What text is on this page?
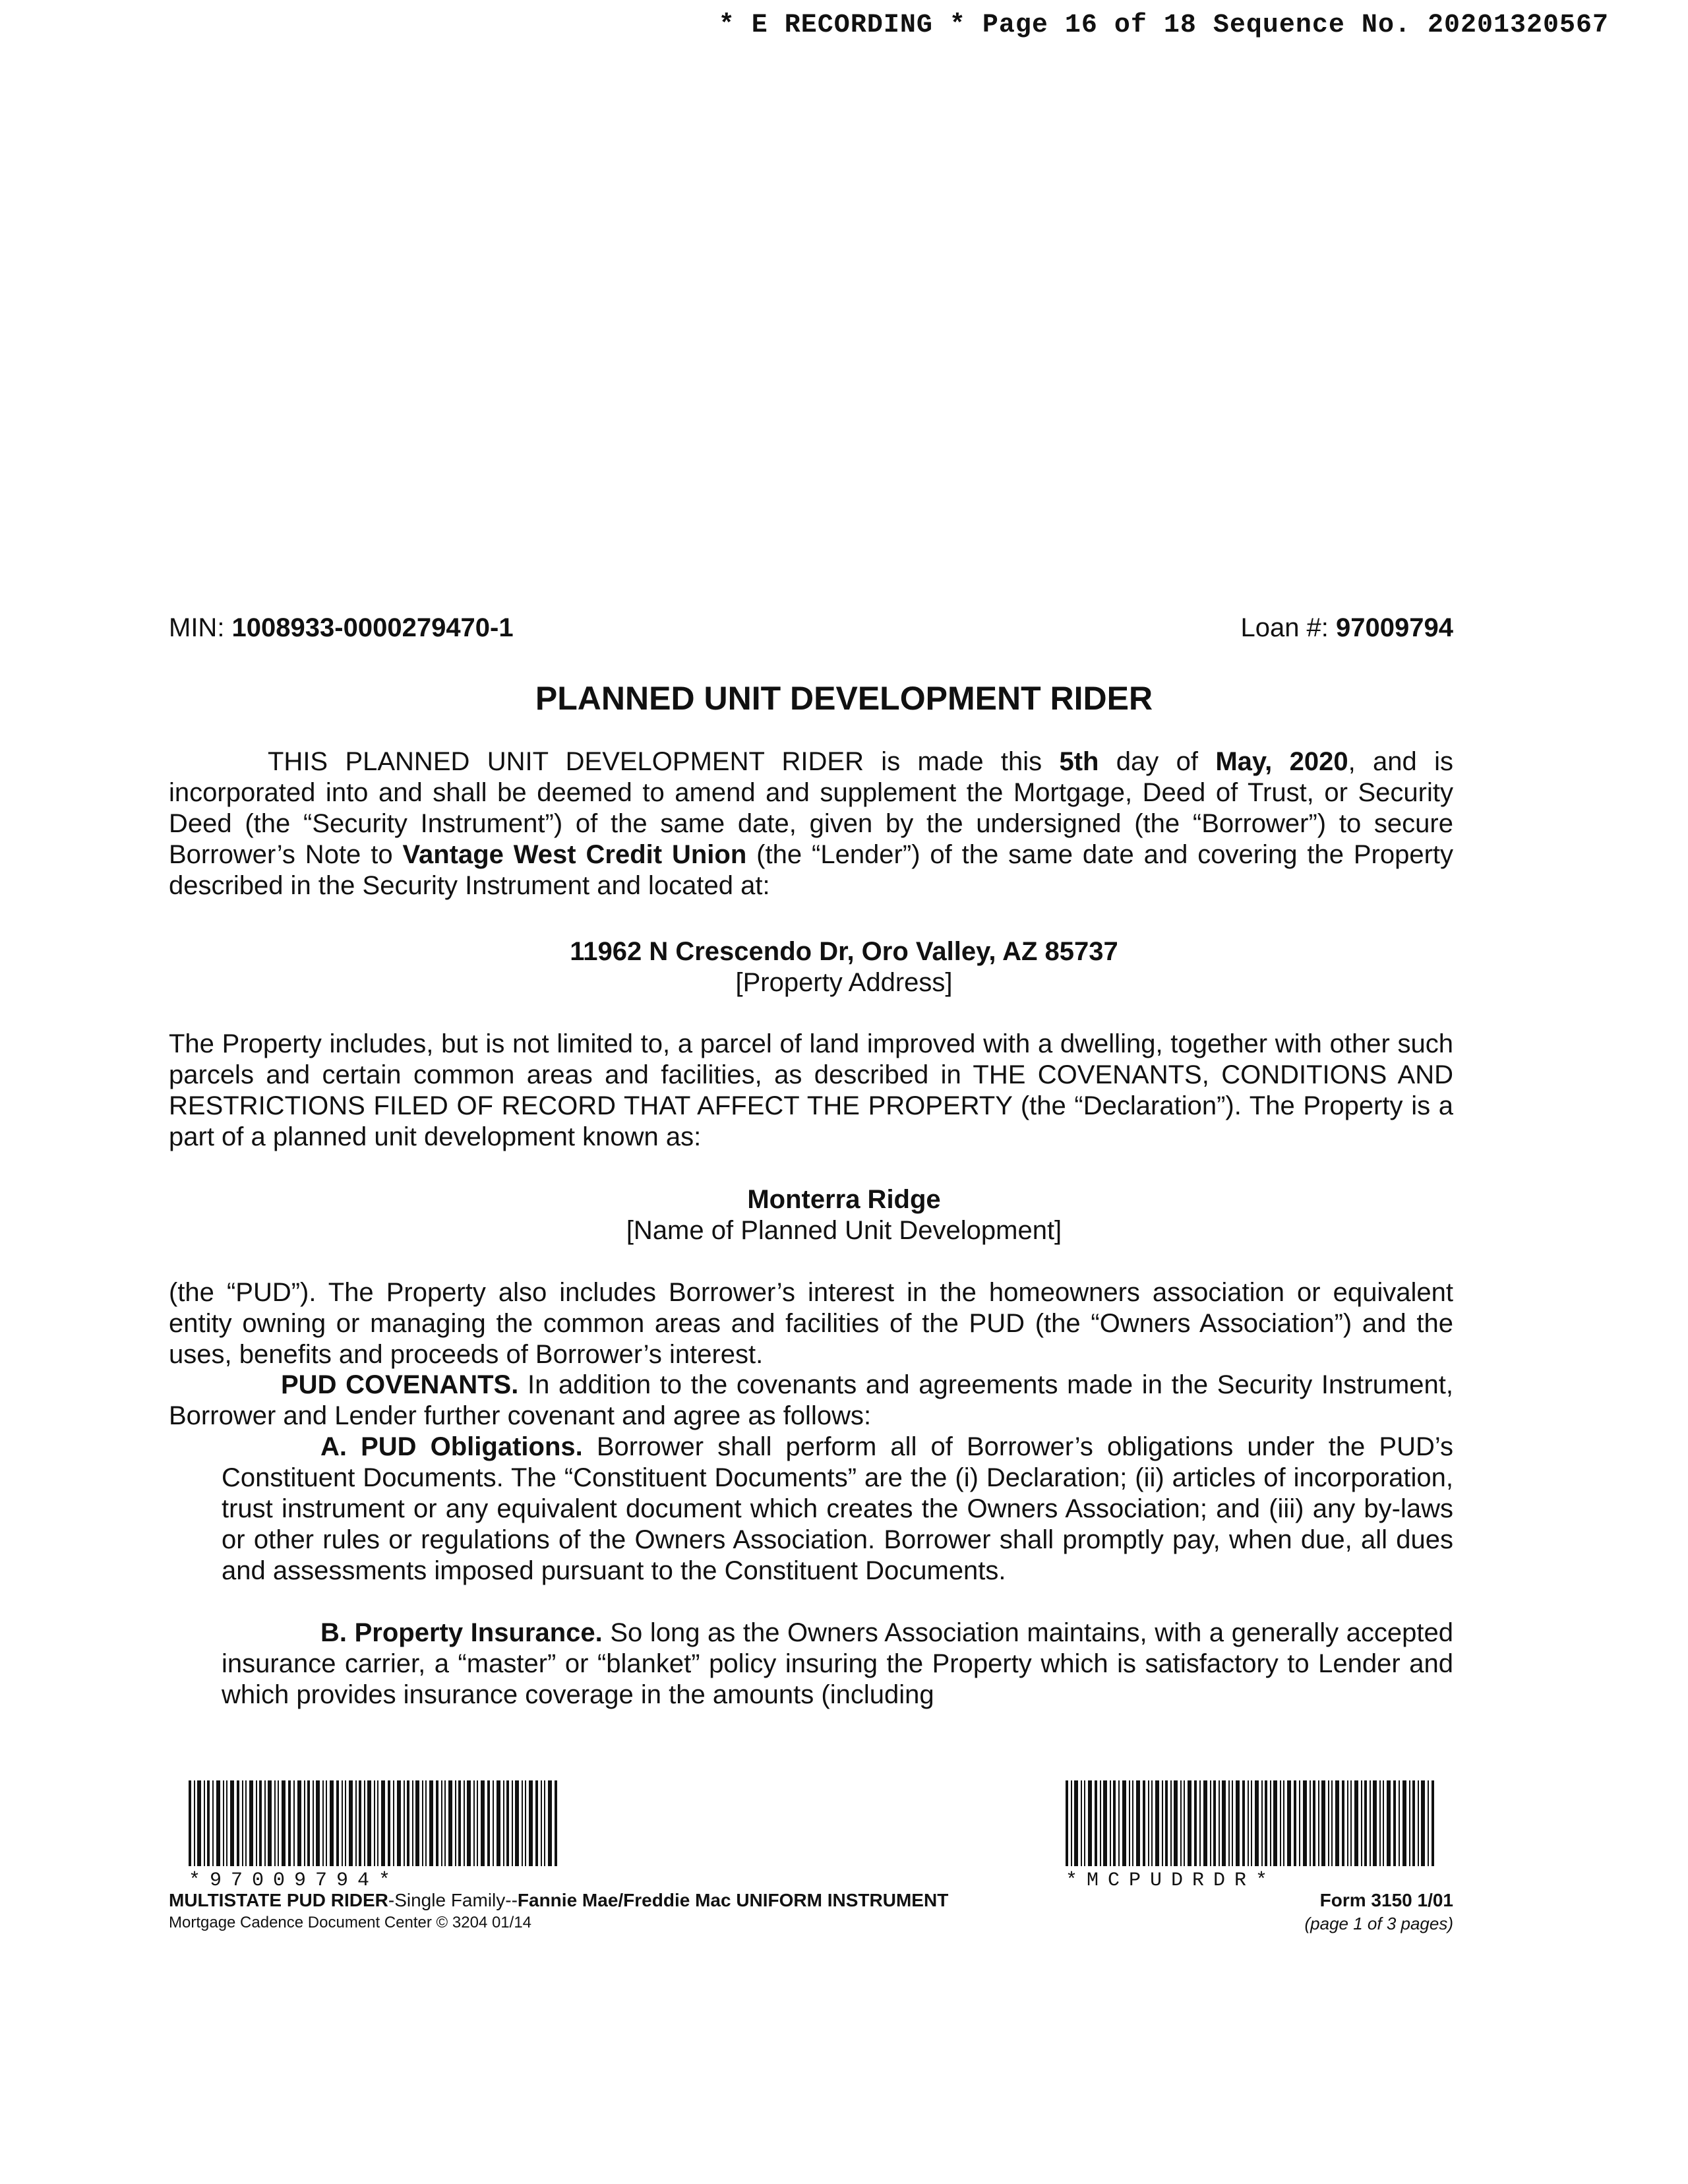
* E RECORDING * Page 16 of 18 Sequence No. 20201320567
MIN: 1008933-0000279470-1	Loan #: 97009794
PLANNED UNIT DEVELOPMENT RIDER
THIS PLANNED UNIT DEVELOPMENT RIDER is made this 5th day of May, 2020, and is incorporated into and shall be deemed to amend and supplement the Mortgage, Deed of Trust, or Security Deed (the “Security Instrument”) of the same date, given by the undersigned (the “Borrower”) to secure Borrower’s Note to Vantage West Credit Union (the “Lender”) of the same date and covering the Property described in the Security Instrument and located at:
11962 N Crescendo Dr, Oro Valley, AZ 85737
[Property Address]
The Property includes, but is not limited to, a parcel of land improved with a dwelling, together with other such parcels and certain common areas and facilities, as described in THE COVENANTS, CONDITIONS AND RESTRICTIONS FILED OF RECORD THAT AFFECT THE PROPERTY (the “Declaration”). The Property is a part of a planned unit development known as:
Monterra Ridge
[Name of Planned Unit Development]
(the “PUD”). The Property also includes Borrower’s interest in the homeowners association or equivalent entity owning or managing the common areas and facilities of the PUD (the “Owners Association”) and the uses, benefits and proceeds of Borrower’s interest.
PUD COVENANTS. In addition to the covenants and agreements made in the Security Instrument, Borrower and Lender further covenant and agree as follows:
A. PUD Obligations. Borrower shall perform all of Borrower’s obligations under the PUD’s Constituent Documents. The “Constituent Documents” are the (i) Declaration; (ii) articles of incorporation, trust instrument or any equivalent document which creates the Owners Association; and (iii) any by-laws or other rules or regulations of the Owners Association. Borrower shall promptly pay, when due, all dues and assessments imposed pursuant to the Constituent Documents.
B. Property Insurance. So long as the Owners Association maintains, with a generally accepted insurance carrier, a “master” or “blanket” policy insuring the Property which is satisfactory to Lender and which provides insurance coverage in the amounts (including
*97009794*	*MCPUDRDR*
MULTISTATE PUD RIDER-Single Family--Fannie Mae/Freddie Mac UNIFORM INSTRUMENT
Mortgage Cadence Document Center © 3204 01/14
Form 3150 1/01
(page 1 of 3 pages)
